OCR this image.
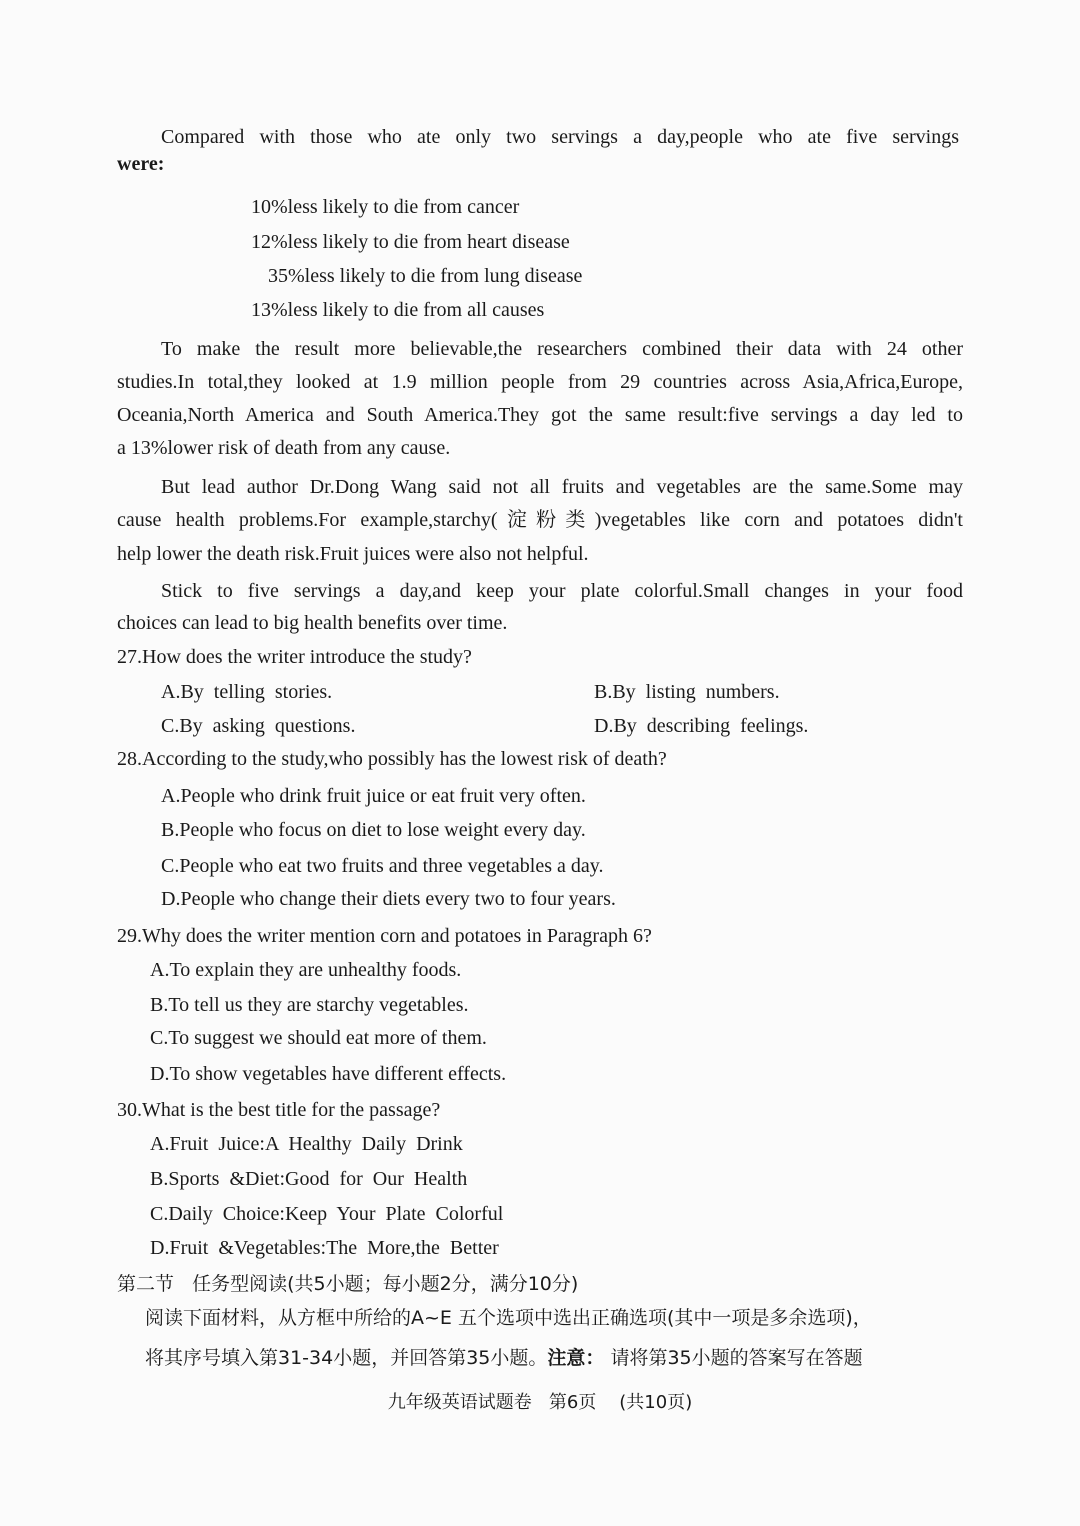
Compared with those who ate only two servings a day,people who ate five servings
were:
10%less likely to die from cancer
12%less likely to die from heart disease
35%less likely to die from lung disease
13%less likely to die from all causes
To make the result more believable,the researchers combined their data with 24 other
studies.In total,they looked at 1.9 million people from 29 countries across Asia,Africa,Europe,
Oceania,North America and South America.They got the same result:five servings a day led to
a 13%lower risk of death from any cause.
But lead author Dr.Dong Wang said not all fruits and vegetables are the same.Some may
cause health problems.For example,starchy(淀粉类)vegetables like corn and potatoes didn't
help lower the death risk.Fruit juices were also not helpful.
Stick to five servings a day,and keep your plate colorful.Small changes in your food
choices can lead to big health benefits over time.
27.How does the writer introduce the study?
A.By  telling  stories.	B.By  listing  numbers.
C.By  asking  questions.	D.By  describing  feelings.
28.According to the study,who possibly has the lowest risk of death?
A.People who drink fruit juice or eat fruit very often.
B.People who focus on diet to lose weight every day.
C.People who eat two fruits and three vegetables a day.
D.People who change their diets every two to four years.
29.Why does the writer mention corn and potatoes in Paragraph 6?
A.To explain they are unhealthy foods.
B.To tell us they are starchy vegetables.
C.To suggest we should eat more of them.
D.To show vegetables have different effects.
30.What is the best title for the passage?
A.Fruit  Juice:A  Healthy  Daily  Drink
B.Sports  &Diet:Good  for  Our  Health
C.Daily  Choice:Keep  Your  Plate  Colorful
D.Fruit  &Vegetables:The  More,the  Better
第二节   任务型阅读(共5小题；每小题2分，满分10分)
阅读下面材料，从方框中所给的A~E 五个选项中选出正确选项(其中一项是多余选项)，
将其序号填入第31-34小题，并回答第35小题。注意： 请将第35小题的答案写在答题
九年级英语试题卷   第6页    (共10页)
